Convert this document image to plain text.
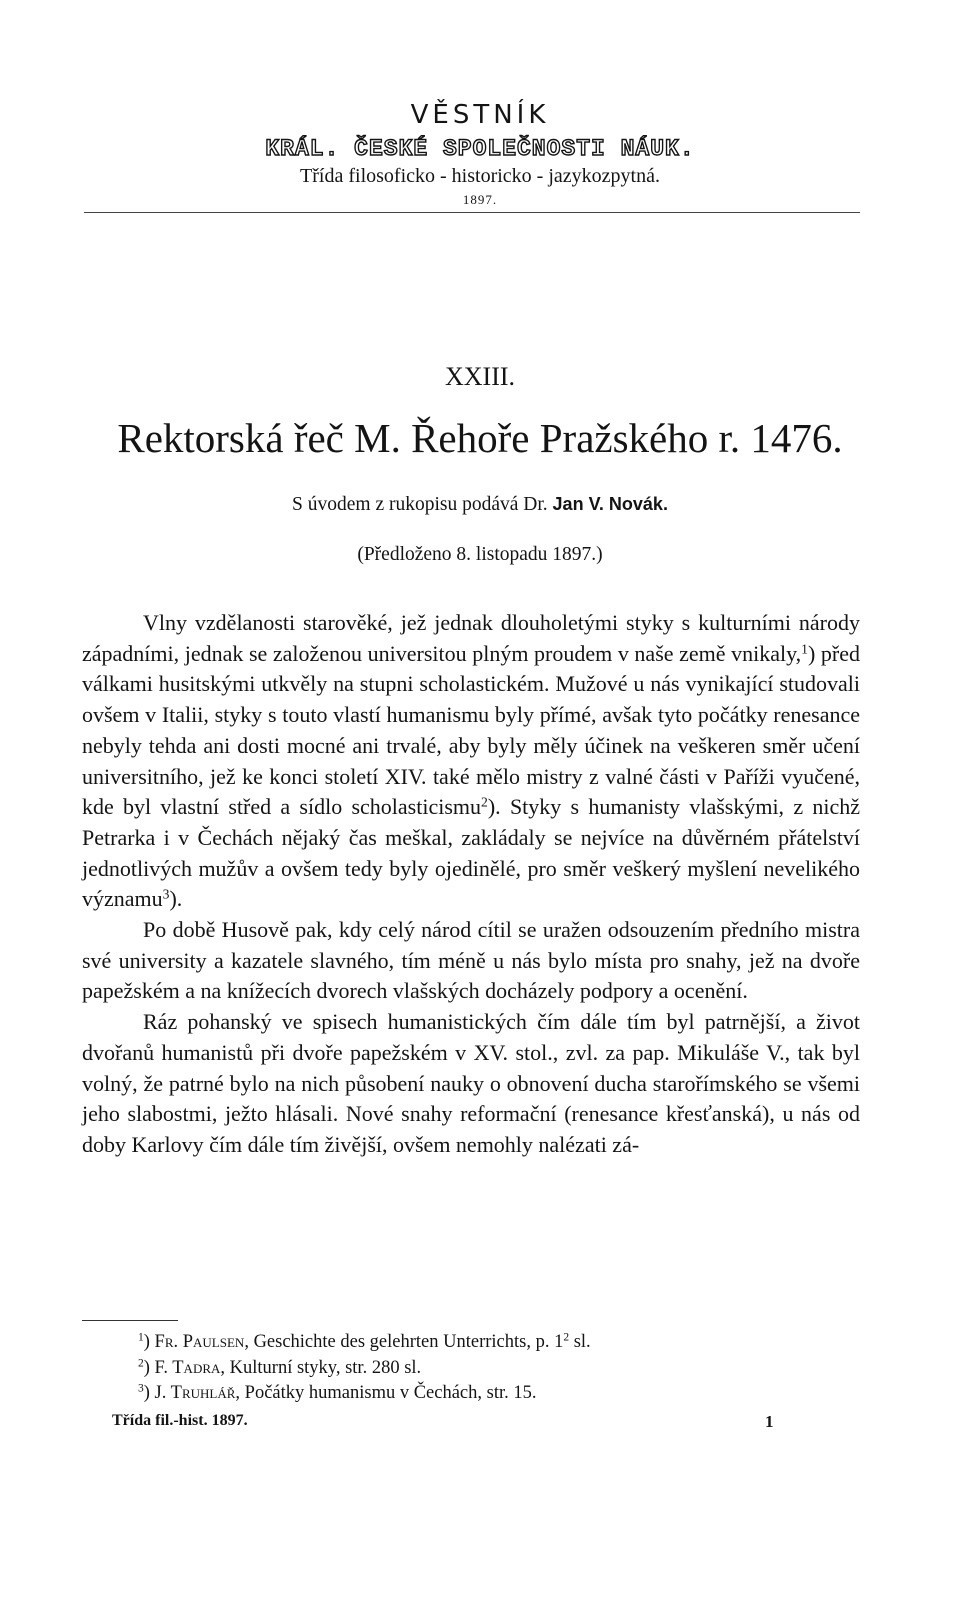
VĚSTNÍK
KRÁL. ČESKÉ SPOLEČNOSTI NÁUK.
Třída filosoficko - historicko - jazykozpytná.
1897.
XXIII.
Rektorská řeč M. Řehoře Pražského r. 1476.
S úvodem z rukopisu podává Dr. Jan V. Novák.
(Předloženo 8. listopadu 1897.)

Vlny vzdělanosti starověké, jež jednak dlouholetými styky s kulturními národy západními, jednak se založenou universitou plným proudem v naše země vnikaly,$^1$) před válkami husitskými utkvěly na stupni scholastickém. Mužové u nás vynikající studovali ovšem v Italii, styky s touto vlastí humanismu byly přímé, avšak tyto počátky renesance nebyly tehda ani dosti mocné ani trvalé, aby byly měly účinek na veškeren směr učení universitního, jež ke konci století XIV. také mělo mistry z valné části v Paříži vyučené, kde byl vlastní střed a sídlo scholasticismu$^2$). Styky s humanisty vlašskými, z nichž Petrarka i v Čechách nějaký čas meškal, zakládaly se nejvíce na důvěrném přátelství jednotlivých mužův a ovšem tedy byly ojedinělé, pro směr veškerý myšlení nevelikého významu$^3$).

Po době Husově pak, kdy celý národ cítil se uražen odsouzením předního mistra své university a kazatele slavného, tím méně u nás bylo místa pro snahy, jež na dvoře papežském a na knížecích dvorech vlašských docházely podpory a ocenění.

Ráz pohanský ve spisech humanistických čím dále tím byl patrnější, a život dvořanů humanistů při dvoře papežském v XV. stol., zvl. za pap. Mikuláše V., tak byl volný, že patrné bylo na nich působení nauky o obnovení ducha starořímského se všemi jeho slabostmi, ježto hlásali. Nové snahy reformační (renesance křesťanská), u nás od doby Karlovy čím dále tím živější, ovšem nemohly nalézati zá-

$^1$) Fr. Paulsen, Geschichte des gelehrten Unterrichts, p. $1^2$ sl.
$^2$) F. Tadra, Kulturní styky, str. 280 sl.
$^3$) J. Truhlář, Počátky humanismu v Čechách, str. 15.
Třída fil.-hist. 1897.	1
